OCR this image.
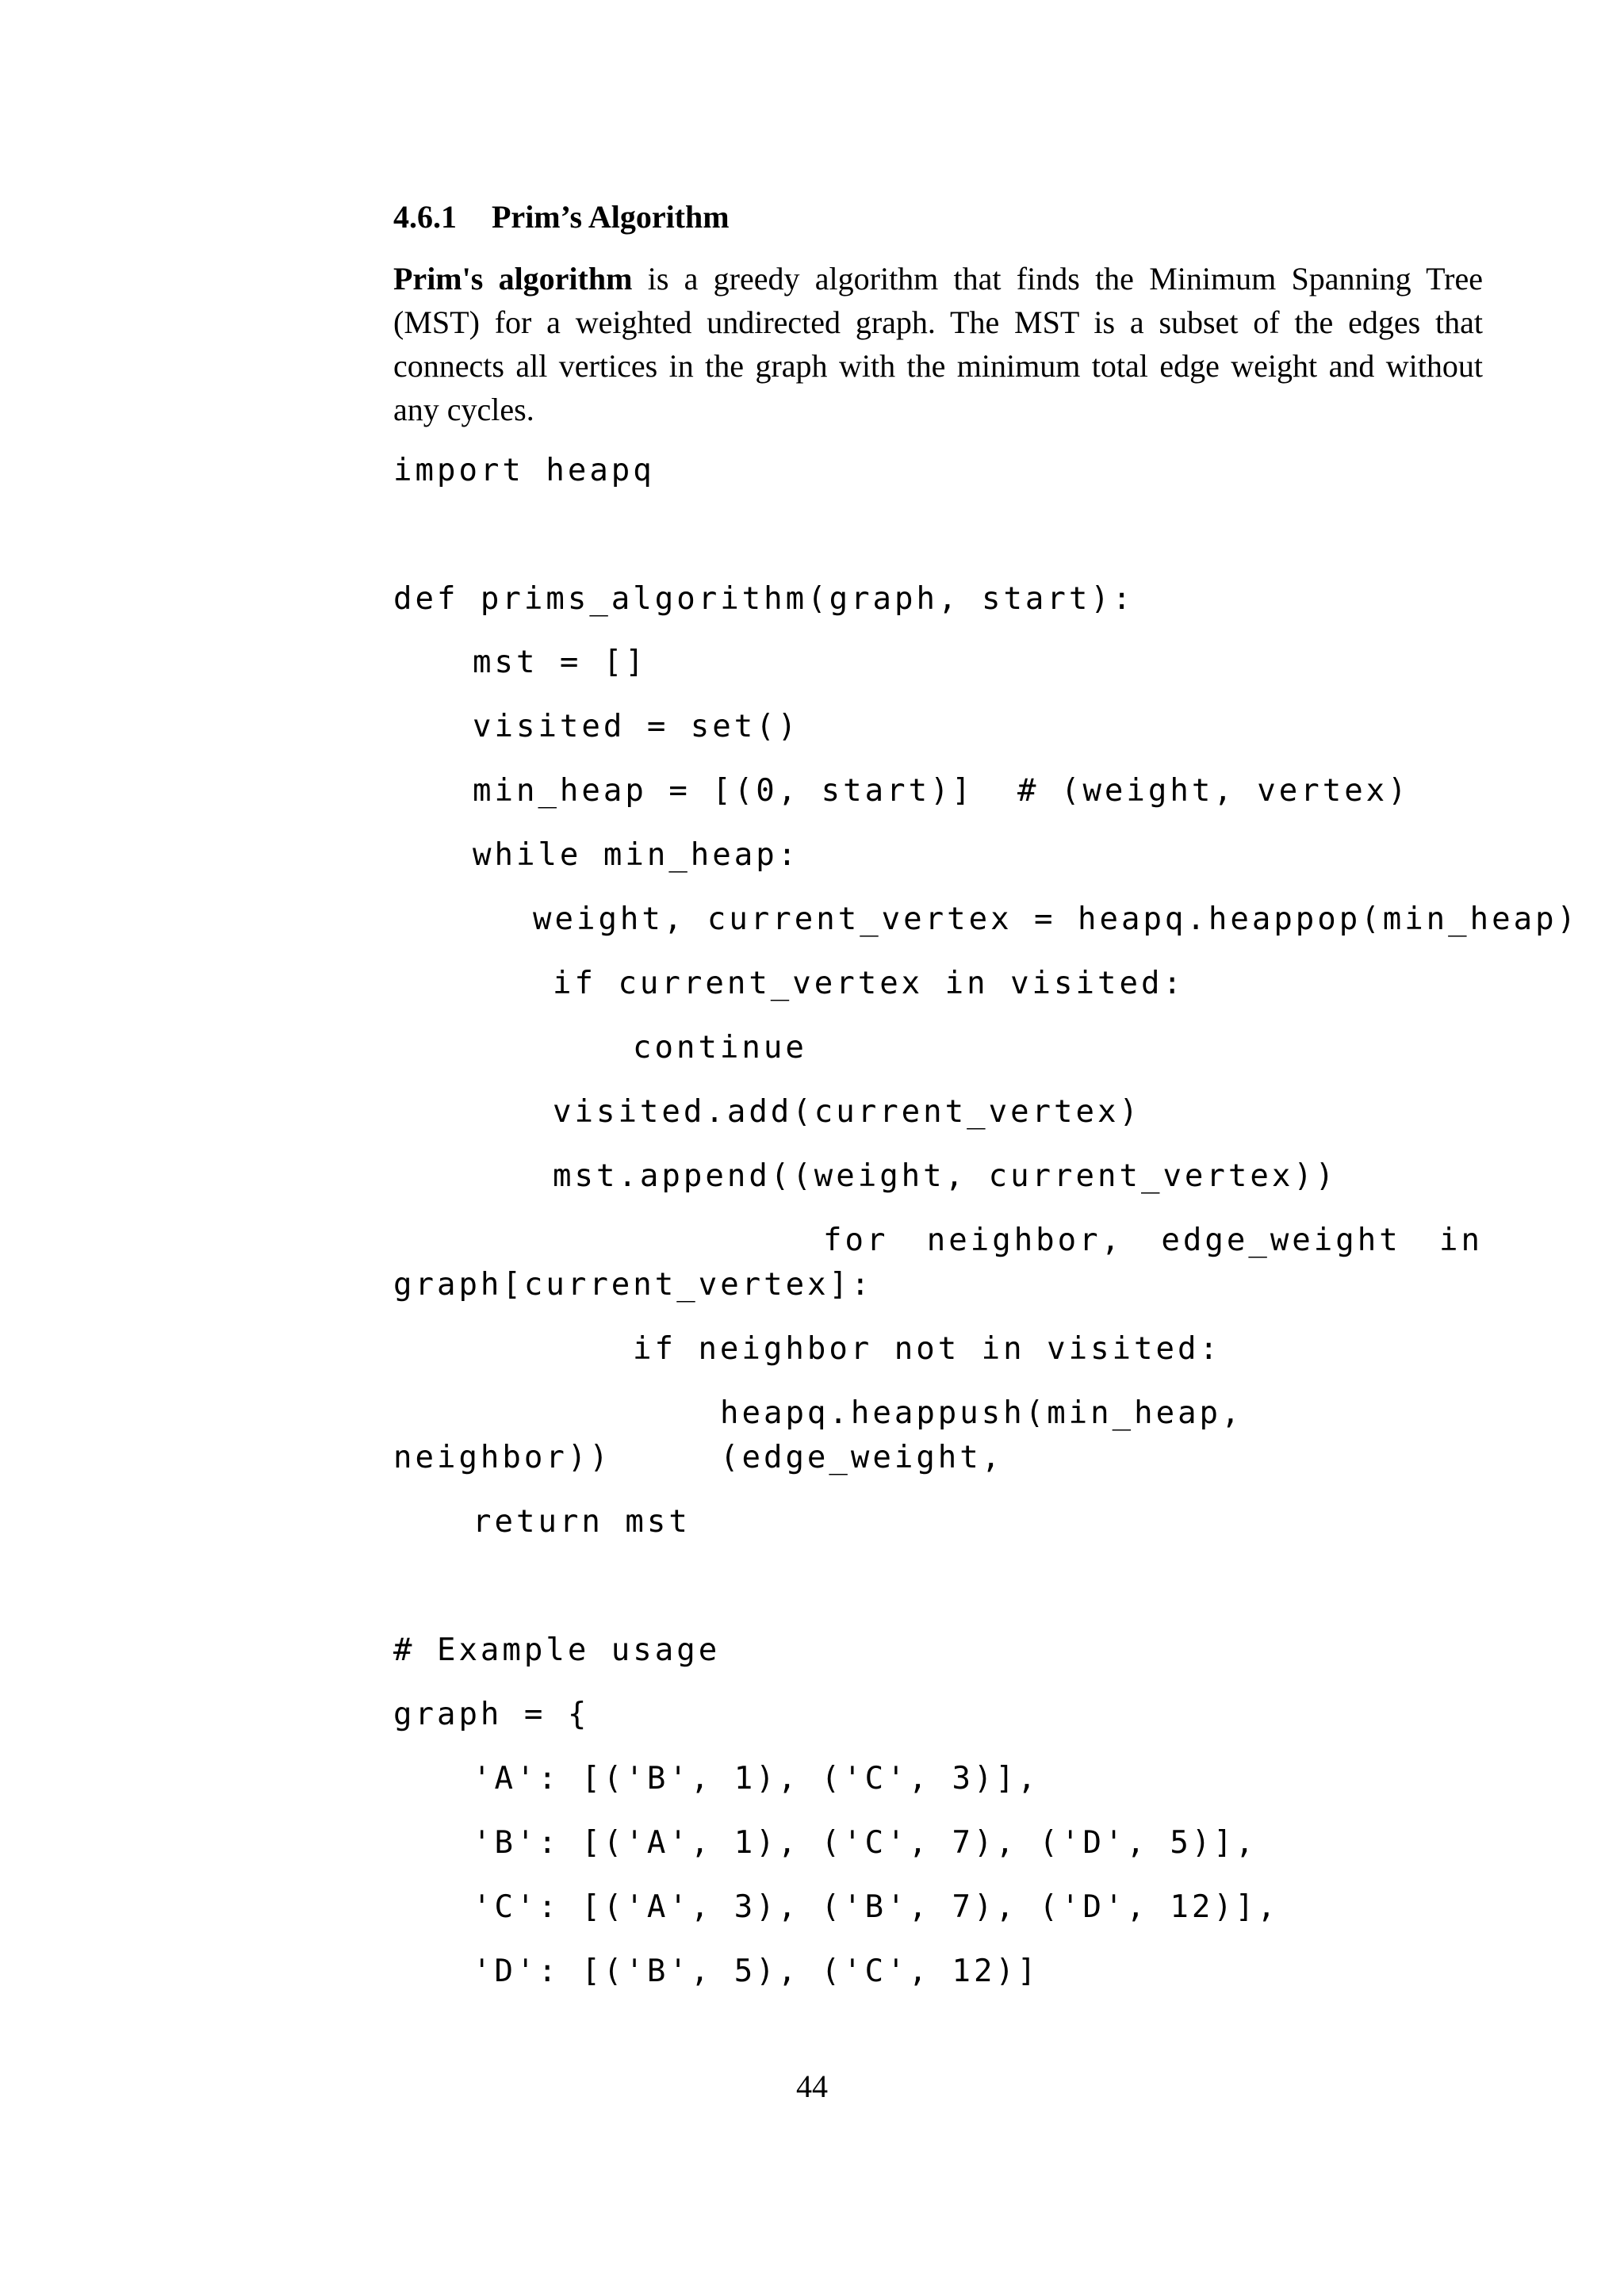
4.6.1 Prim’s Algorithm
Prim's algorithm is a greedy algorithm that finds the Minimum Spanning Tree (MST) for a weighted undirected graph. The MST is a subset of the edges that connects all vertices in the graph with the minimum total edge weight and without any cycles.
import heapq
def prims_algorithm(graph, start):
mst = []
visited = set()
min_heap = [(0, start)]  # (weight, vertex)
while min_heap:
weight, current_vertex = heapq.heappop(min_heap)
if current_vertex in visited:
continue
visited.add(current_vertex)
mst.append((weight, current_vertex))
for neighbor, edge_weight in
graph[current_vertex]:
if neighbor not in visited:
heapq.heappush(min_heap, (edge_weight,
neighbor))
return mst
# Example usage
graph = {
'A': [('B', 1), ('C', 3)],
'B': [('A', 1), ('C', 7), ('D', 5)],
'C': [('A', 3), ('B', 7), ('D', 12)],
'D': [('B', 5), ('C', 12)]
44
